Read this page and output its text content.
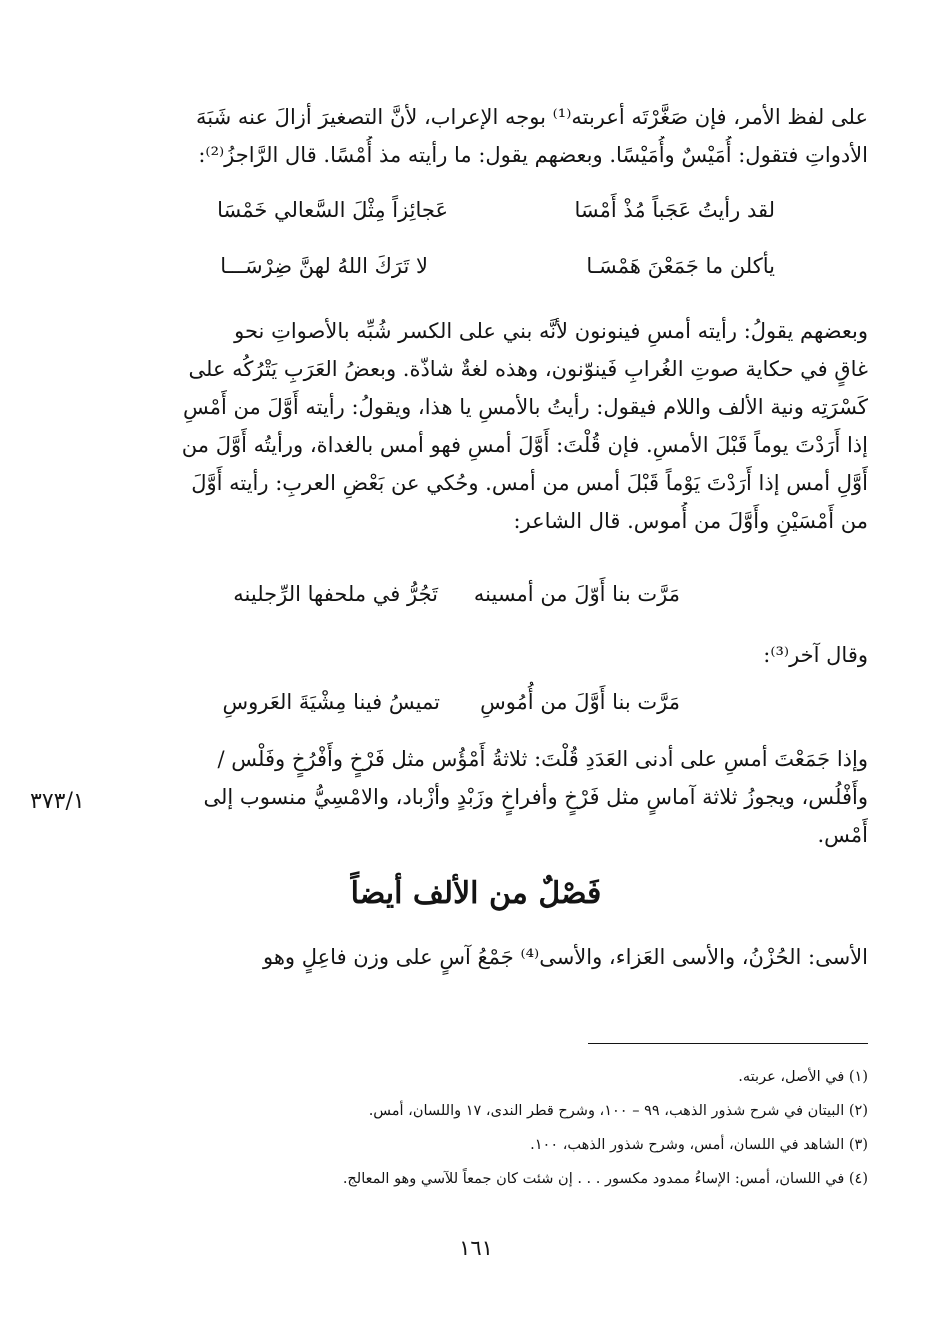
على لفظ الأمر، فإن صَغَّرْتَه أعربته⁽¹⁾ بوجه الإعراب، لأنَّ التصغيرَ أزالَ عنه شَبَهَ
الأدواتِ فتقول: أُمَيْسٌ وأُمَيْسًا. وبعضهم يقول: ما رأيته مذ أُمْسًا. قال الرَّاجزُ⁽²⁾:
لقد رأيتُ عَجَباً مُذْ أَمْسَا
عَجائِزاً مِثْلَ السَّعالي خَمْسَا
يأكلن ما جَمَعْنَ هَمْسَـا
لا تَرَكَ اللهُ لهنَّ ضِرْسَـــا
وبعضهم يقولُ: رأيته أمسِ فينونون لأنَّه بني على الكسر شُبِّه بالأصواتِ نحو
غاقٍ في حكاية صوتِ الغُرابِ فَينوّنون، وهذه لغةٌ شاذّة. وبعضُ العَرَبِ يَتْرُكُه على
كَسْرَتِه ونية الألف واللام فيقول: رأيتُ بالأمسِ يا هذا، ويقولُ: رأيته أَوَّلَ من أَمْسِ
إذا أَرَدْتَ يوماً قَبْلَ الأمسِ. فإن قُلْتَ: أَوَّلَ أمسِ فهو أمس بالغداة، ورأيتُه أَوَّلَ من
أَوَّلِ أمس إذا أَرَدْتَ يَوْماً قَبْلَ أمس من أمس. وحُكي عن بَعْضِ العربِ: رأيته أَوَّلَ
من أَمْسَيْنِ وأَوَّلَ من أُموس. قال الشاعر:
مَرَّت بنا أَوّلَ من أمسينه
تَجُرُّ في ملحفها الرِّجلينه
وقال آخر⁽³⁾:
مَرَّت بنا أَوَّلَ من أُمُوسِ
تميسُ فينا مِشْيَةَ العَروسِ
وإذا جَمَعْتَ أمسِ على أدنى العَدَدِ قُلْتَ: ثلاثةُ أَمْؤُس مثل فَرْخٍ وأَفْرُخٍ وفَلْس /
وأَفْلُس، ويجوزُ ثلاثة آماسٍ مثل فَرْخٍ وأفراخٍ وزَبْدٍ وأزْباد، والامْسِيُّ منسوب إلى
أَمْس.
٣٧٣/١
فَصْلٌ من الألف أيضاً
الأسى: الحُزْنُ، والأسى العَزاء، والأسى⁽⁴⁾ جَمْعُ آسٍ على وزن فاعِلٍ وهو
(١) في الأصل، عربته.
(٢) البيتان في شرح شذور الذهب، ٩٩ – ١٠٠، وشرح قطر الندى، ١٧ واللسان، أمس.
(٣) الشاهد في اللسان، أمس، وشرح شذور الذهب، ١٠٠.
(٤) في اللسان، أمس: الإساءُ ممدود مكسور . . . إن شئت كان جمعاً للآسي وهو المعالج.
١٦١
